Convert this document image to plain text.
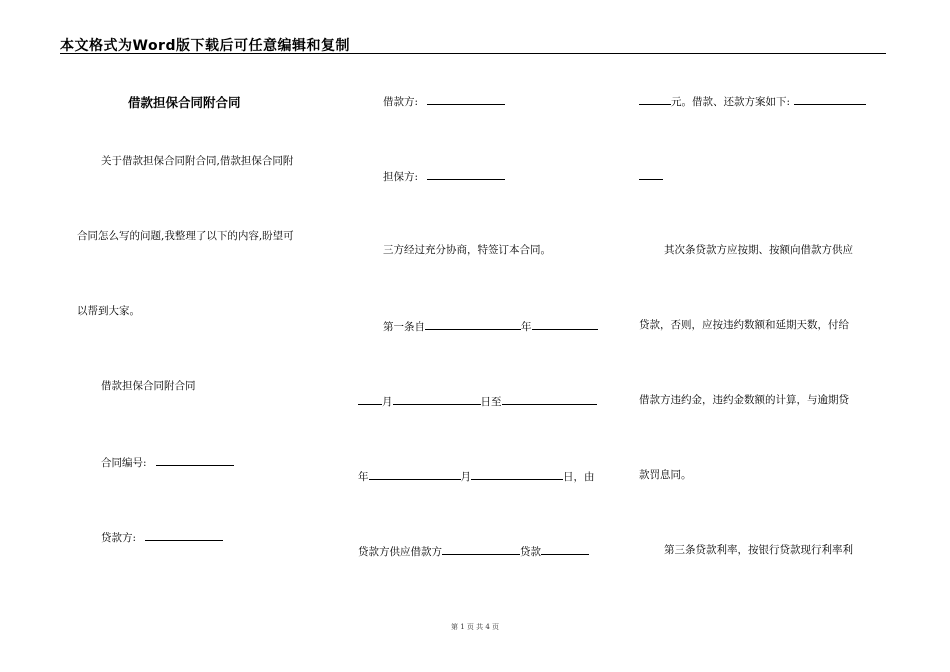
本文格式为Word版下载后可任意编辑和复制
借款担保合同附合同
关于借款担保合同附合同,借款担保合同附
合同怎么写的问题,我整理了以下的内容,盼望可
以帮到大家。
借款担保合同附合同
合同编号:
贷款方:
借款方:
担保方:
三方经过充分协商，特签订本合同。
第一条自	年
月	日至
年	月	日，由
贷款方供应借款方	贷款
元。借款、还款方案如下:
其次条贷款方应按期、按额向借款方供应
贷款，否则，应按违约数额和延期天数，付给
借款方违约金，违约金数额的计算，与逾期贷
款罚息同。
第三条贷款利率，按银行贷款现行利率利
第 1 页 共 4 页
